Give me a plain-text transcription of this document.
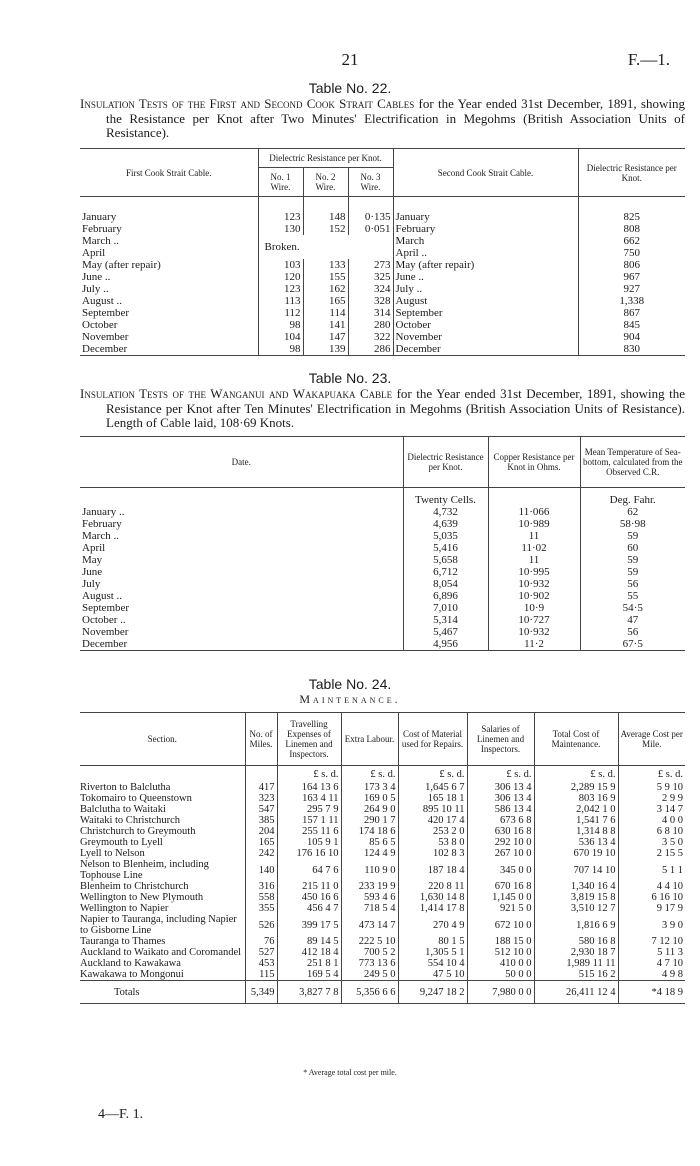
21	F.—1.
Table No. 22.
Insulation Tests of the First and Second Cook Strait Cables for the Year ended 31st December, 1891, showing the Resistance per Knot after Two Minutes' Electrification in Megohms (British Association Units of Resistance).
First Cook Strait Cable.	Dielectric Resistance per Knot.			Second Cook Strait Cable.	Dielectric Resistance per Knot.
	No. 1 Wire.	No. 2 Wire.	No. 3 Wire.		
January	123	148	0·135	January	825
February	130	152	0·051	February	808
March ..	Broken.			March	662
April				April ..	750
May (after repair)	103	133	273	May (after repair)	806
June ..	120	155	325	June ..	967
July ..	123	162	324	July ..	927
August ..	113	165	328	August	1,338
September	112	114	314	September	867
October	98	141	280	October	845
November	104	147	322	November	904
December	98	139	286	December	830
Table No. 23.
Insulation Tests of the Wanganui and Wakapuaka Cable for the Year ended 31st December, 1891, showing the Resistance per Knot after Ten Minutes' Electrification in Megohms (British Association Units of Resistance). Length of Cable laid, 108·69 Knots.
Date.	Dielectric Resistance per Knot.	Copper Resistance per Knot in Ohms.	Mean Temperature of Sea-bottom, calculated from the Observed C.R.
	Twenty Cells.		Deg. Fahr.
January ..	4,732	11·066	62
February	4,639	10·989	58·98
March ..	5,035	11	59
April	5,416	11·02	60
May	5,658	11	59
June	6,712	10·995	59
July	8,054	10·932	56
August ..	6,896	10·902	55
September	7,010	10·9	54·5
October ..	5,314	10·727	47
November	5,467	10·932	56
December	4,956	11·2	67·5
Table No. 24.
Maintenance.
Section.	No. of Miles.	Travelling Expenses of Linemen and Inspectors.	Extra Labour.	Cost of Material used for Repairs.	Salaries of Linemen and Inspectors.	Total Cost of Maintenance.	Average Cost per Mile.
		£ s. d.	£ s. d.	£ s. d.	£ s. d.	£ s. d.	£ s. d.
Riverton to Balclutha	417	164 13 6	173 3 4	1,645 6 7	306 13 4	2,289 15 9	5 9 10
Tokomairo to Queenstown	323	163 4 11	169 0 5	165 18 1	306 13 4	803 16 9	2 9 9
Balclutha to Waitaki	547	295 7 9	264 9 0	895 10 11	586 13 4	2,042 1 0	3 14 7
Waitaki to Christchurch	385	157 1 11	290 1 7	420 17 4	673 6 8	1,541 7 6	4 0 0
Christchurch to Greymouth	204	255 11 6	174 18 6	253 2 0	630 16 8	1,314 8 8	6 8 10
Greymouth to Lyell	165	105 9 1	85 6 5	53 8 0	292 10 0	536 13 4	3 5 0
Lyell to Nelson	242	176 16 10	124 4 9	102 8 3	267 10 0	670 19 10	2 15 5
Nelson to Blenheim, including Tophouse Line	140	64 7 6	110 9 0	187 18 4	345 0 0	707 14 10	5 1 1
Blenheim to Christchurch	316	215 11 0	233 19 9	220 8 11	670 16 8	1,340 16 4	4 4 10
Wellington to New Plymouth	558	450 16 6	593 4 6	1,630 14 8	1,145 0 0	3,819 15 8	6 16 10
Wellington to Napier	355	456 4 7	718 5 4	1,414 17 8	921 5 0	3,510 12 7	9 17 9
Napier to Tauranga, including Napier to Gisborne Line	526	399 17 5	473 14 7	270 4 9	672 10 0	1,816 6 9	3 9 0
Tauranga to Thames	76	89 14 5	222 5 10	80 1 5	188 15 0	580 16 8	7 12 10
Auckland to Waikato and Coromandel	527	412 18 4	700 5 2	1,305 5 1	512 10 0	2,930 18 7	5 11 3
Auckland to Kawakawa	453	251 8 1	773 13 6	554 10 4	410 0 0	1,989 11 11	4 7 10
Kawakawa to Mongonui	115	169 5 4	249 5 0	47 5 10	50 0 0	515 16 2	4 9 8
Totals	5,349	3,827 7 8	5,356 6 6	9,247 18 2	7,980 0 0	26,411 12 4	*4 18 9
* Average total cost per mile.
4—F. 1.
